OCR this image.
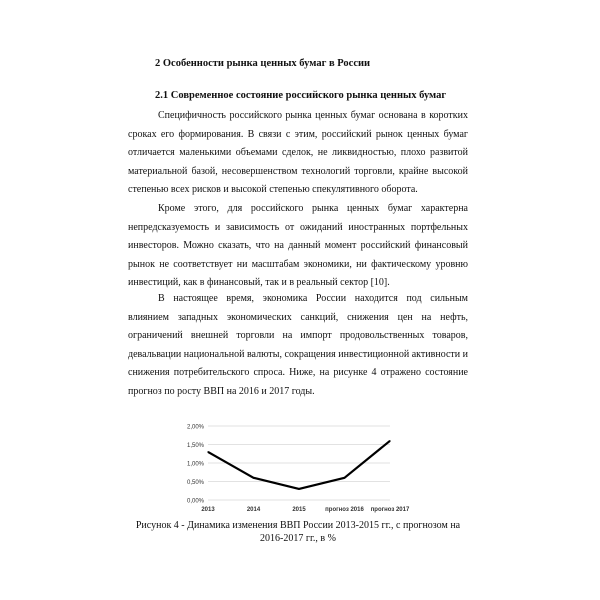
2 Особенности рынка ценных бумаг в России
2.1 Современное состояние российского рынка ценных бумаг

Специфичность российского рынка ценных бумаг основана в коротких сроках его формирования. В связи с этим, российский рынок ценных бумаг отличается маленькими объемами сделок, не ликвидностью, плохо развитой материальной базой, несовершенством технологий торговли, крайне высокой степенью всех рисков и высокой степенью спекулятивного оборота.

Кроме этого, для российского рынка ценных бумаг характерна непредсказуемость и зависимость от ожиданий иностранных портфельных инвесторов. Можно сказать, что на данный момент российский финансовый рынок не соответствует ни масштабам экономики, ни фактическому уровню инвестиций, как в финансовый, так и в реальный сектор [10].

В настоящее время, экономика России находится под сильным влиянием западных экономических санкций, снижения цен на нефть, ограничений внешней торговли на импорт продовольственных товаров, девальвации национальной валюты, сокращения инвестиционной активности и снижения потребительского спроса. Ниже, на рисунке 4 отражено состояние прогноз по росту ВВП на 2016 и 2017 годы.

0,00%
0,50%
1,00%
1,50%
2,00%
2013	2014	2015	прогноз 2016 прогноз 2017
Рисунок 4 - Динамика изменения ВВП России 2013-2015 гг., с прогнозом на 2016-2017 гг., в %
